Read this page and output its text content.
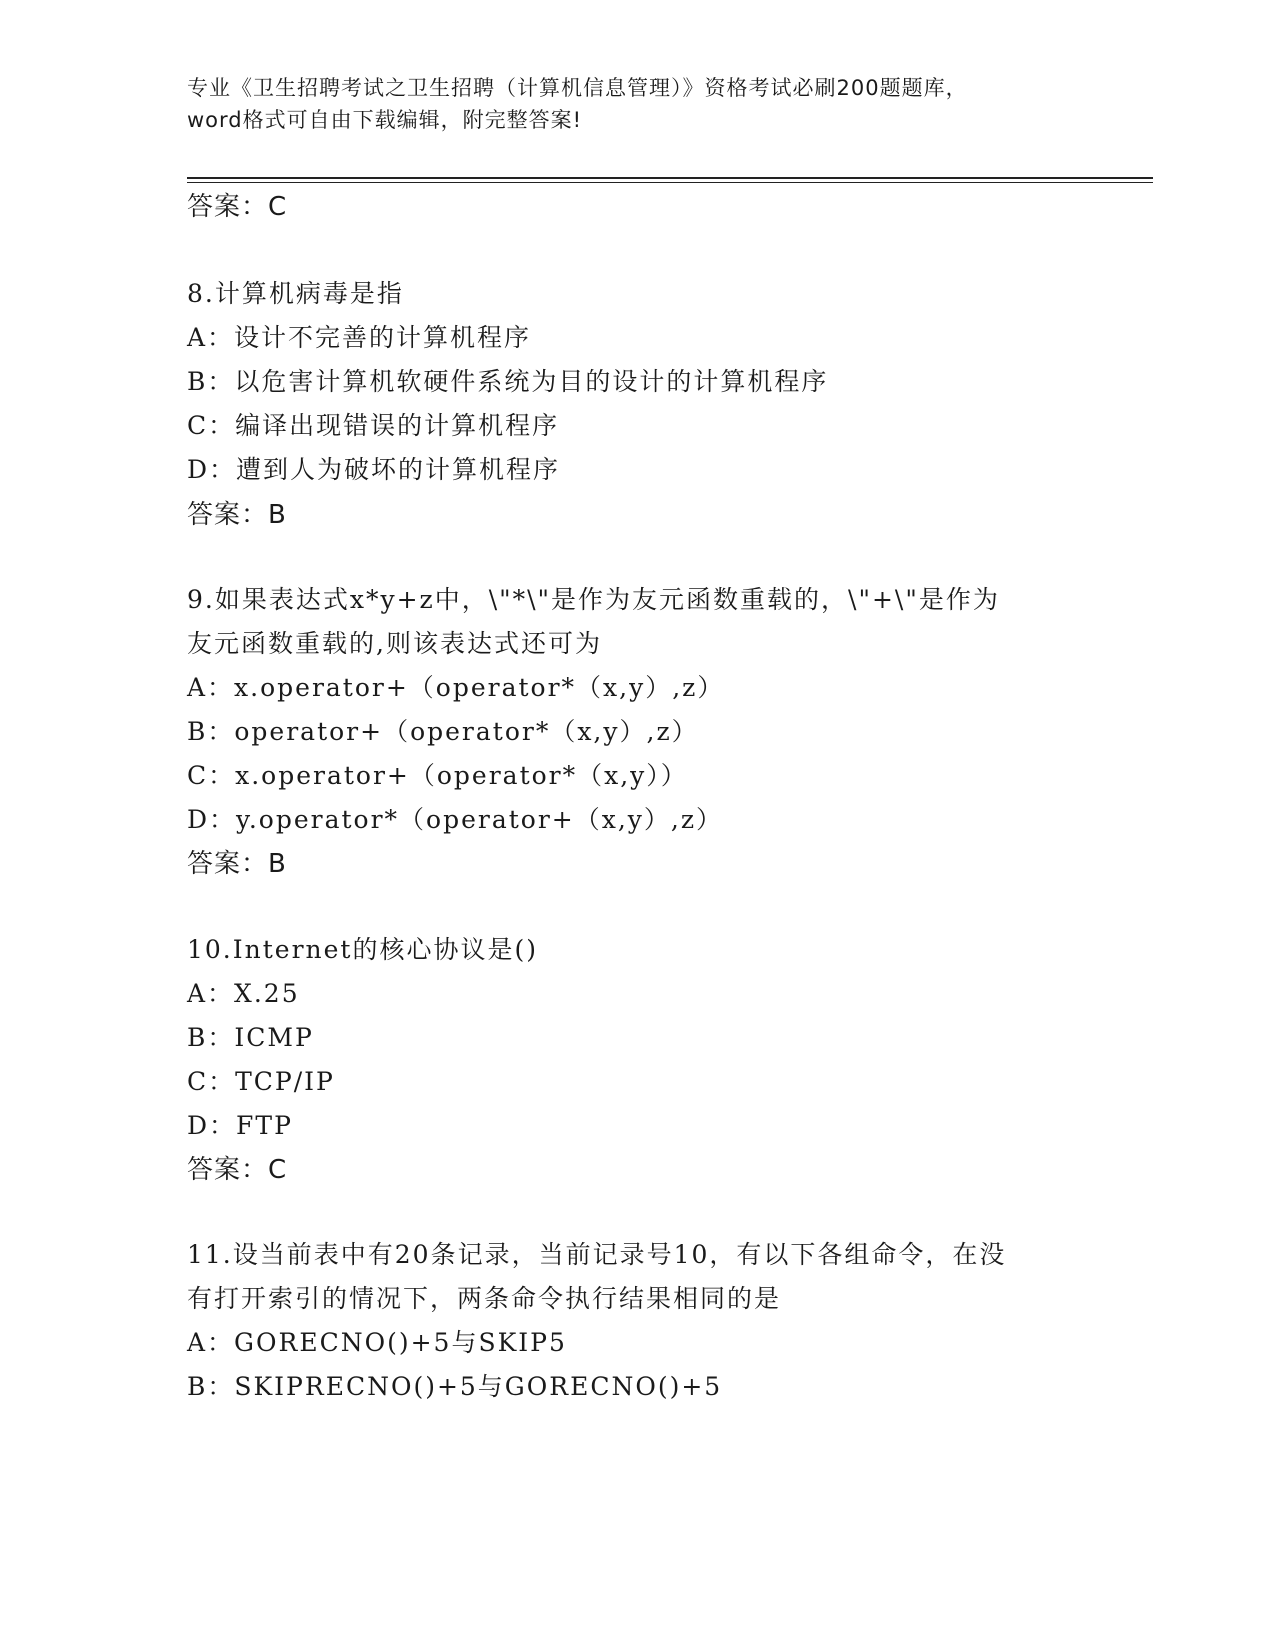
专业《卫生招聘考试之卫生招聘（计算机信息管理）》资格考试必刷200题题库，
word格式可自由下载编辑，附完整答案!
答案：C
8.计算机病毒是指
A：设计不完善的计算机程序
B：以危害计算机软硬件系统为目的设计的计算机程序
C：编译出现错误的计算机程序
D：遭到人为破坏的计算机程序
答案：B
9.如果表达式x*y+z中，\"*\"是作为友元函数重载的，\"+\"是作为
友元函数重载的,则该表达式还可为
A：x.operator+（operator*（x,y）,z）
B：operator+（operator*（x,y）,z）
C：x.operator+（operator*（x,y））
D：y.operator*（operator+（x,y）,z）
答案：B
10.Internet的核心协议是()
A：X.25
B：ICMP
C：TCP/IP
D：FTP
答案：C
11.设当前表中有20条记录，当前记录号10，有以下各组命令，在没
有打开索引的情况下，两条命令执行结果相同的是
A：GORECNO()+5与SKIP5
B：SKIPRECNO()+5与GORECNO()+5
